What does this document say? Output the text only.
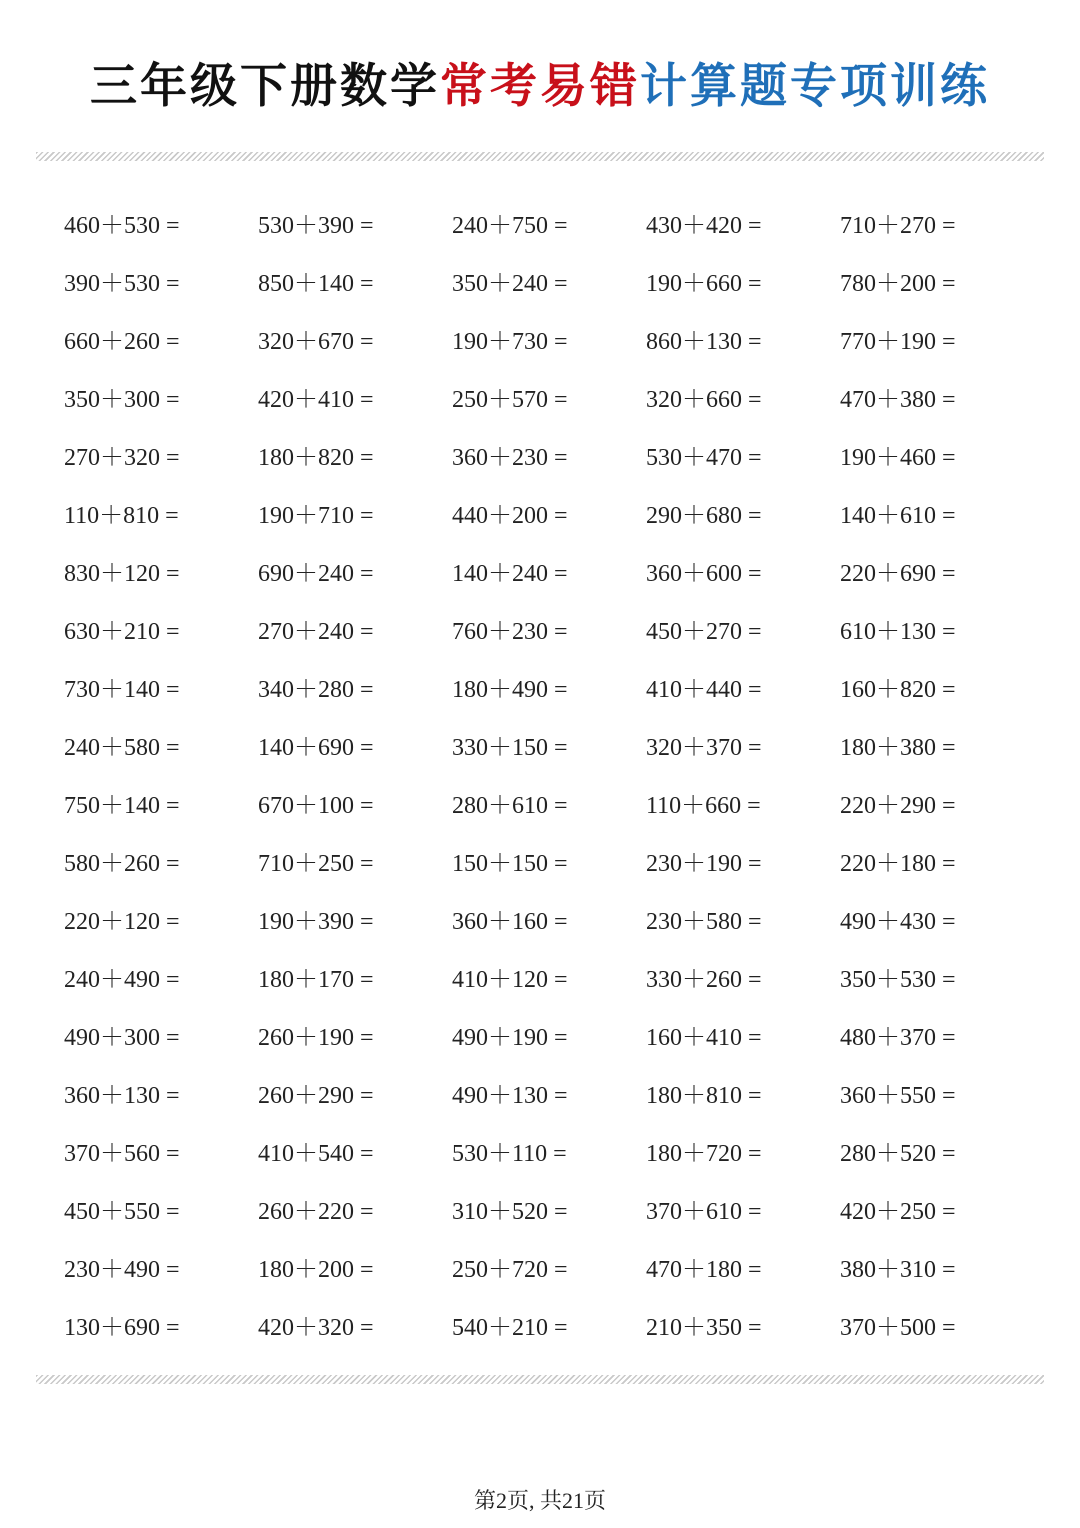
三年级下册数学常考易错计算题专项训练
460＋530 =	530＋390 =	240＋750 =	430＋420 =	710＋270 =
390＋530 =	850＋140 =	350＋240 =	190＋660 =	780＋200 =
660＋260 =	320＋670 =	190＋730 =	860＋130 =	770＋190 =
350＋300 =	420＋410 =	250＋570 =	320＋660 =	470＋380 =
270＋320 =	180＋820 =	360＋230 =	530＋470 =	190＋460 =
110＋810 =	190＋710 =	440＋200 =	290＋680 =	140＋610 =
830＋120 =	690＋240 =	140＋240 =	360＋600 =	220＋690 =
630＋210 =	270＋240 =	760＋230 =	450＋270 =	610＋130 =
730＋140 =	340＋280 =	180＋490 =	410＋440 =	160＋820 =
240＋580 =	140＋690 =	330＋150 =	320＋370 =	180＋380 =
750＋140 =	670＋100 =	280＋610 =	110＋660 =	220＋290 =
580＋260 =	710＋250 =	150＋150 =	230＋190 =	220＋180 =
220＋120 =	190＋390 =	360＋160 =	230＋580 =	490＋430 =
240＋490 =	180＋170 =	410＋120 =	330＋260 =	350＋530 =
490＋300 =	260＋190 =	490＋190 =	160＋410 =	480＋370 =
360＋130 =	260＋290 =	490＋130 =	180＋810 =	360＋550 =
370＋560 =	410＋540 =	530＋110 =	180＋720 =	280＋520 =
450＋550 =	260＋220 =	310＋520 =	370＋610 =	420＋250 =
230＋490 =	180＋200 =	250＋720 =	470＋180 =	380＋310 =
130＋690 =	420＋320 =	540＋210 =	210＋350 =	370＋500 =
第2页, 共21页
